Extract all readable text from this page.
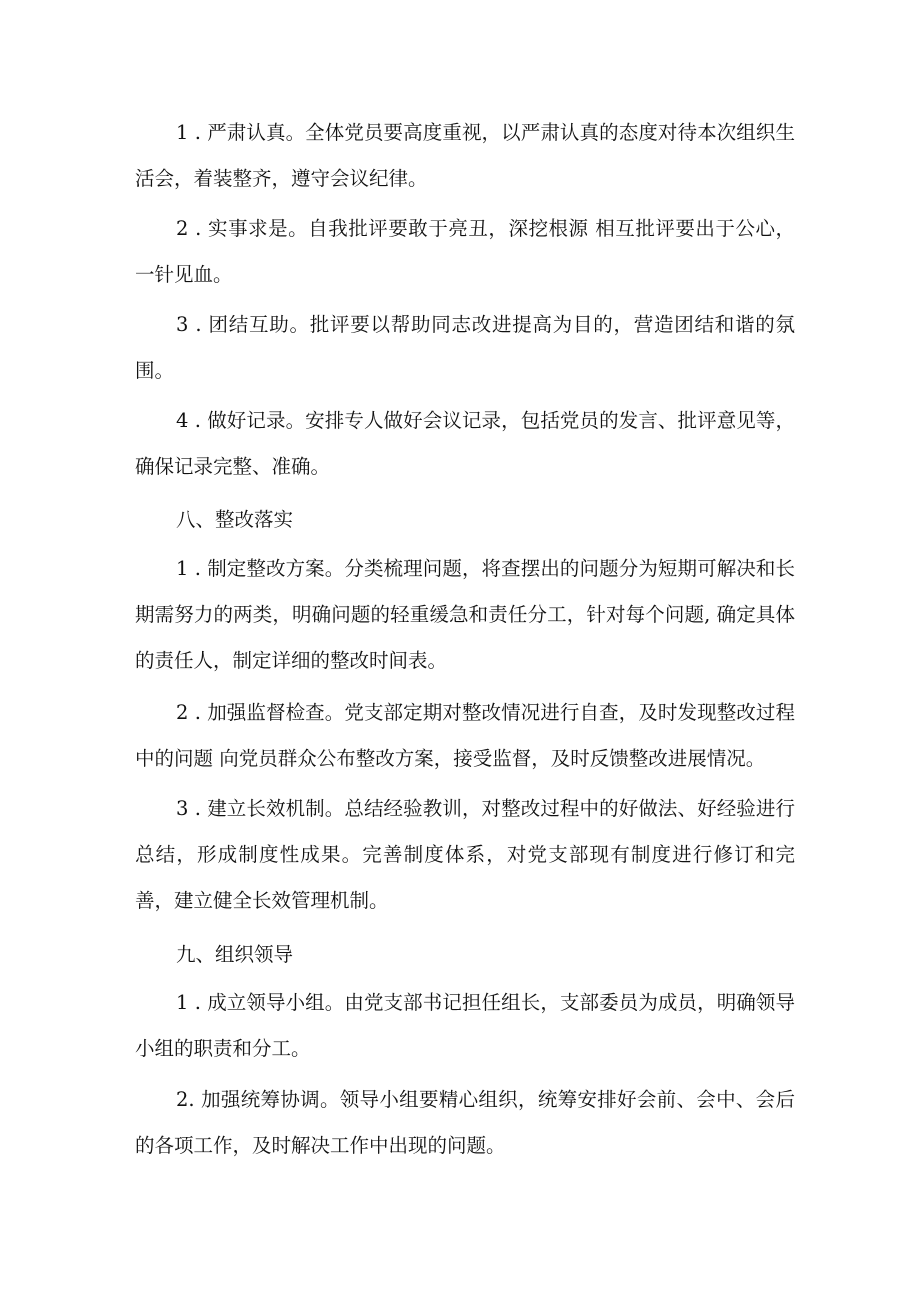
1 . 严肃认真。全体党员要高度重视，以严肃认真的态度对待本次组织生活会，着装整齐，遵守会议纪律。

2 . 实事求是。自我批评要敢于亮丑，深挖根源 相互批评要出于公心，一针见血。

3 . 团结互助。批评要以帮助同志改进提高为目的，营造团结和谐的氛围。

4 . 做好记录。安排专人做好会议记录，包括党员的发言、批评意见等，确保记录完整、准确。

八、整改落实

1 . 制定整改方案。分类梳理问题，将查摆出的问题分为短期可解决和长期需努力的两类，明确问题的轻重缓急和责任分工，针对每个问题, 确定具体的责任人，制定详细的整改时间表。

2 . 加强监督检查。党支部定期对整改情况进行自查，及时发现整改过程中的问题 向党员群众公布整改方案，接受监督，及时反馈整改进展情况。

3 . 建立长效机制。总结经验教训，对整改过程中的好做法、好经验进行总结，形成制度性成果。完善制度体系，对党支部现有制度进行修订和完善，建立健全长效管理机制。

九、组织领导

1 . 成立领导小组。由党支部书记担任组长，支部委员为成员，明确领导小组的职责和分工。

2. 加强统筹协调。领导小组要精心组织，统筹安排好会前、会中、会后的各项工作，及时解决工作中出现的问题。
